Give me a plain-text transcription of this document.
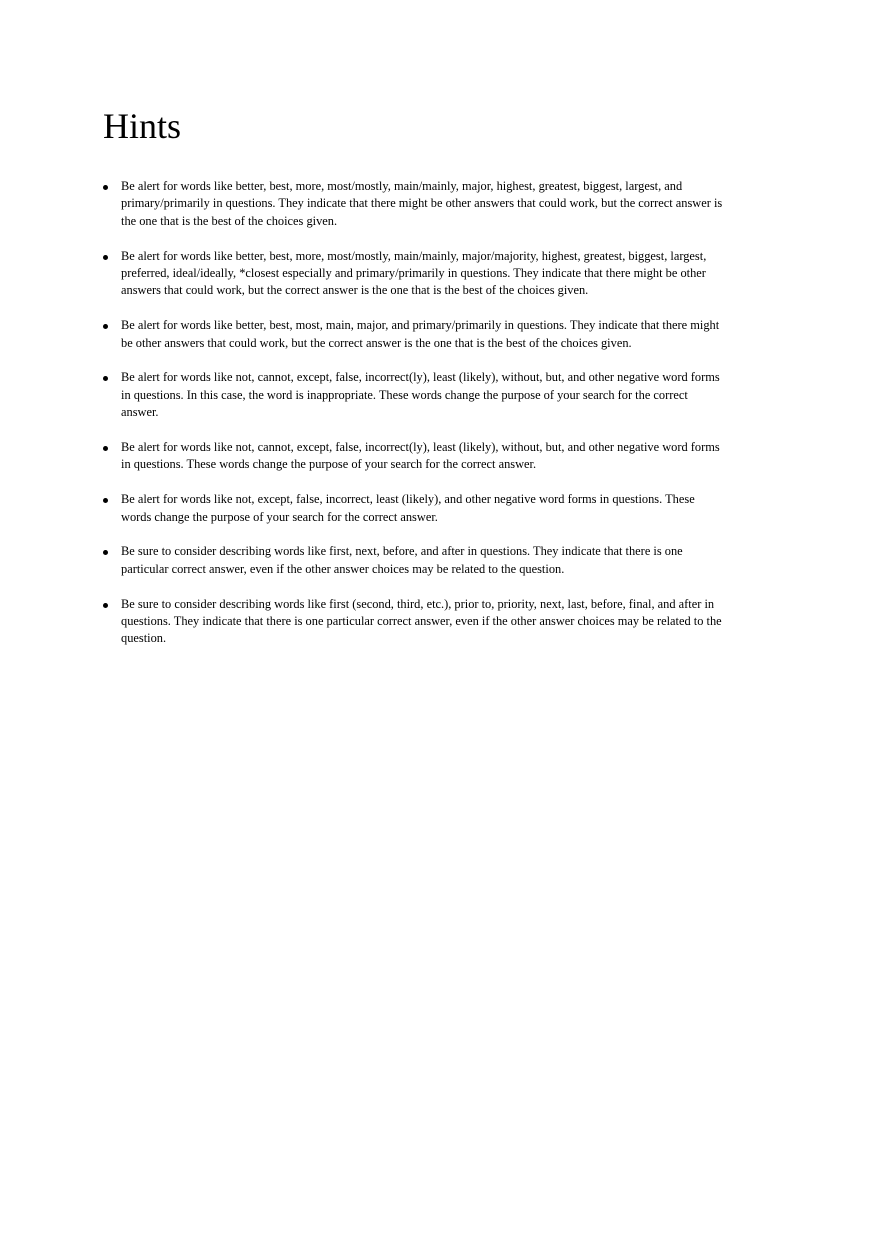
Hints
Be alert for words like better, best, more, most/mostly, main/mainly, major, highest, greatest, biggest, largest, and primary/primarily in questions. They indicate that there might be other answers that could work, but the correct answer is the one that is the best of the choices given.
Be alert for words like better, best, more, most/mostly, main/mainly, major/majority, highest, greatest, biggest, largest, preferred, ideal/ideally, *closest especially and primary/primarily in questions. They indicate that there might be other answers that could work, but the correct answer is the one that is the best of the choices given.
Be alert for words like better, best, most, main, major, and primary/primarily in questions. They indicate that there might be other answers that could work, but the correct answer is the one that is the best of the choices given.
Be alert for words like not, cannot, except, false, incorrect(ly), least (likely), without, but, and other negative word forms in questions. In this case, the word is inappropriate. These words change the purpose of your search for the correct answer.
Be alert for words like not, cannot, except, false, incorrect(ly), least (likely), without, but, and other negative word forms in questions. These words change the purpose of your search for the correct answer.
Be alert for words like not, except, false, incorrect, least (likely), and other negative word forms in questions. These words change the purpose of your search for the correct answer.
Be sure to consider describing words like first, next, before, and after in questions. They indicate that there is one particular correct answer, even if the other answer choices may be related to the question.
Be sure to consider describing words like first (second, third, etc.), prior to, priority, next, last, before, final, and after in questions. They indicate that there is one particular correct answer, even if the other answer choices may be related to the question.
